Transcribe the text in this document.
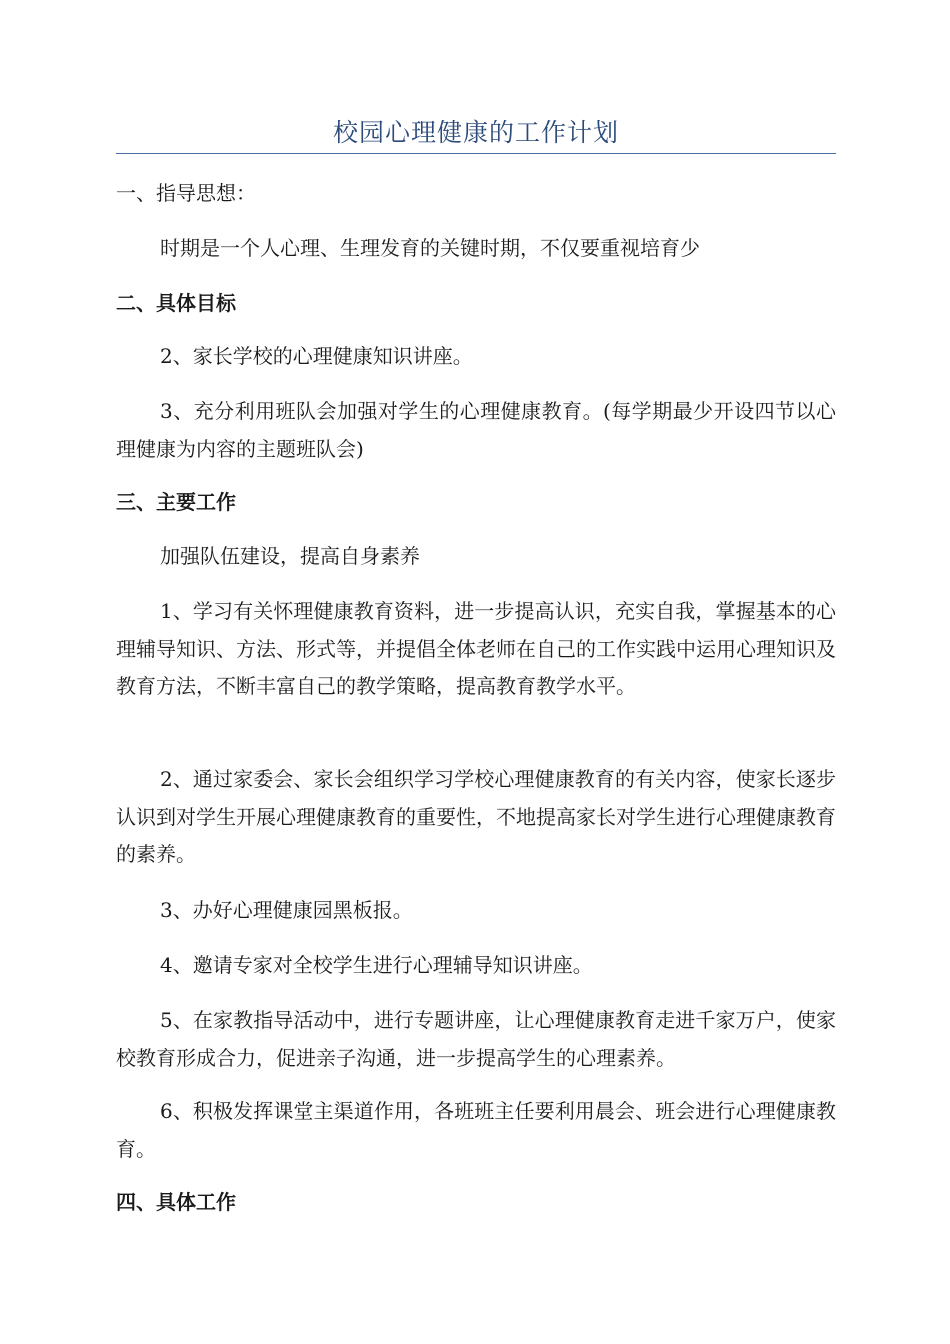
校园心理健康的工作计划

一、指导思想：

时期是一个人心理、生理发育的关键时期，不仅要重视培育少

二、具体目标

2、家长学校的心理健康知识讲座。

3、充分利用班队会加强对学生的心理健康教育。(每学期最少开设四节以心理健康为内容的主题班队会)

三、主要工作

加强队伍建设，提高自身素养

1、学习有关怀理健康教育资料，进一步提高认识，充实自我，掌握基本的心理辅导知识、方法、形式等，并提倡全体老师在自己的工作实践中运用心理知识及教育方法，不断丰富自己的教学策略，提高教育教学水平。

2、通过家委会、家长会组织学习学校心理健康教育的有关内容，使家长逐步认识到对学生开展心理健康教育的重要性，不地提高家长对学生进行心理健康教育的素养。

3、办好心理健康园黑板报。

4、邀请专家对全校学生进行心理辅导知识讲座。

5、在家教指导活动中，进行专题讲座，让心理健康教育走进千家万户，使家校教育形成合力，促进亲子沟通，进一步提高学生的心理素养。

6、积极发挥课堂主渠道作用，各班班主任要利用晨会、班会进行心理健康教育。

四、具体工作
